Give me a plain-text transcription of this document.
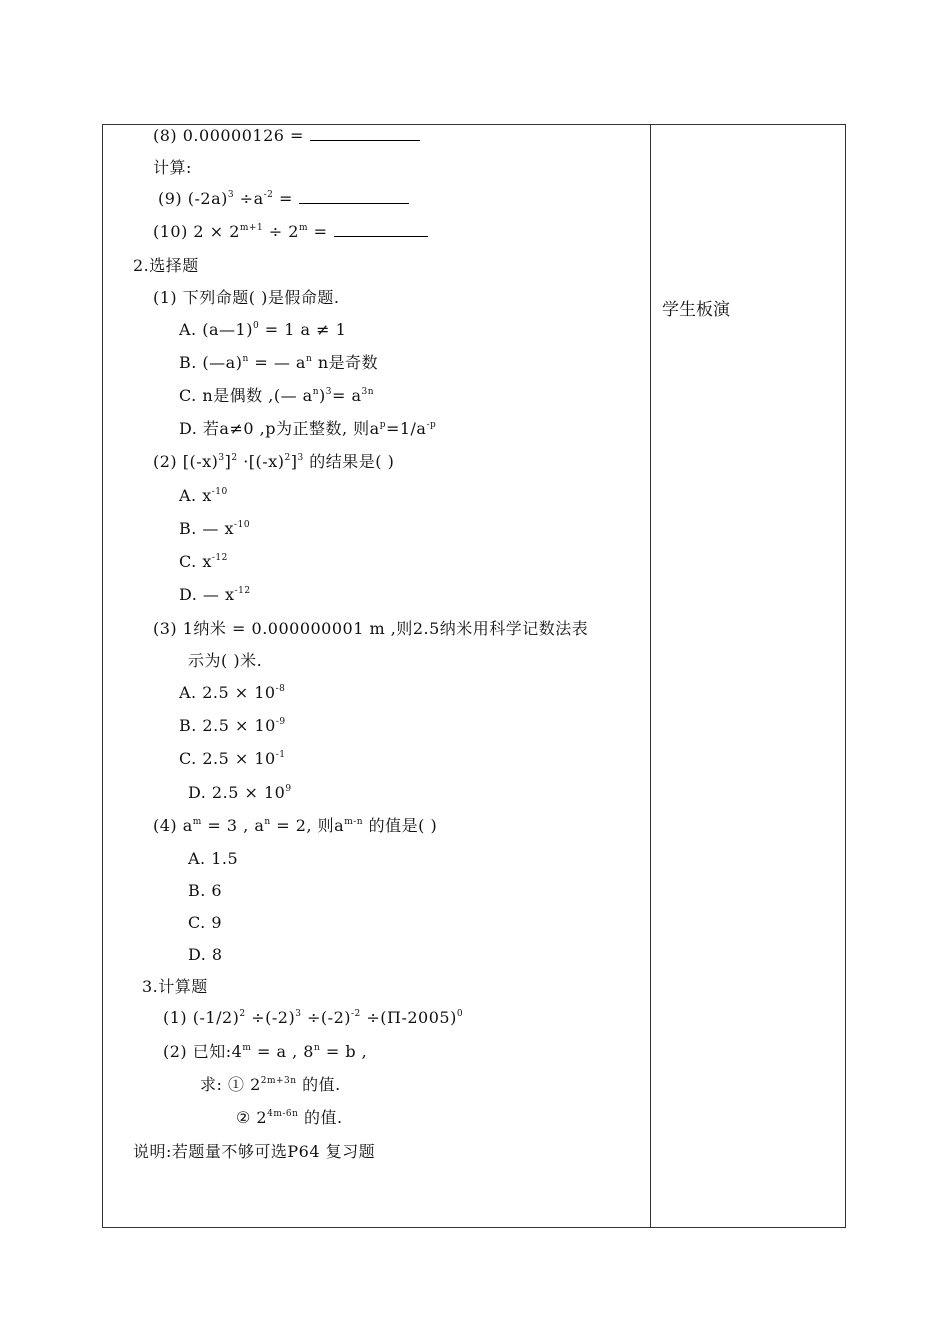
(8) 0.00000126 =
计算:
(9) $(-2a)^3 \div a^{-2}$ =
(10) $2 \times 2^{m+1} \div 2^m$ =
2.选择题
(1) 下列命题( )是假命题.
A. (a—1)$^0$ = 1 a ≠ 1
B. (—a)$^n$ = — $a^n$ n是奇数
C. n是偶数 ,(— $a^n)^3= a^{3n}$
D. 若a≠0 ,p为正整数, 则$a^p=1/a^{-p}$
(2) $[(-x)^3]^2 \cdot[(-x)^2]^3$ 的结果是( )
A. $x^{-10}$
B. — $x^{-10}$
C. $x^{-12}$
D. — $x^{-12}$
(3) 1纳米 = 0.000000001 m ,则2.5纳米用科学记数法表
示为( )米.
A. $2.5 \times 10^{-8}$
B. $2.5 \times 10^{-9}$
C. $2.5 \times 10^{-1}$
D. $2.5 \times 10^9$
(4) $a^m = 3$ , $a^n = 2$, 则$a^{m-n}$ 的值是( )
A. 1.5
B. 6
C. 9
D. 8
3.计算题
(1) $(-1/2)^2 \div(-2)^3 \div(-2)^{-2} \div(\Pi-2005)^0$
(2) 已知$:4^m = a$ , $8^n = b$ ,
求: ① $2^{2m+3n}$ 的值.
② $2^{4m-6n}$ 的值.
说明:若题量不够可选P64 复习题
学生板演
